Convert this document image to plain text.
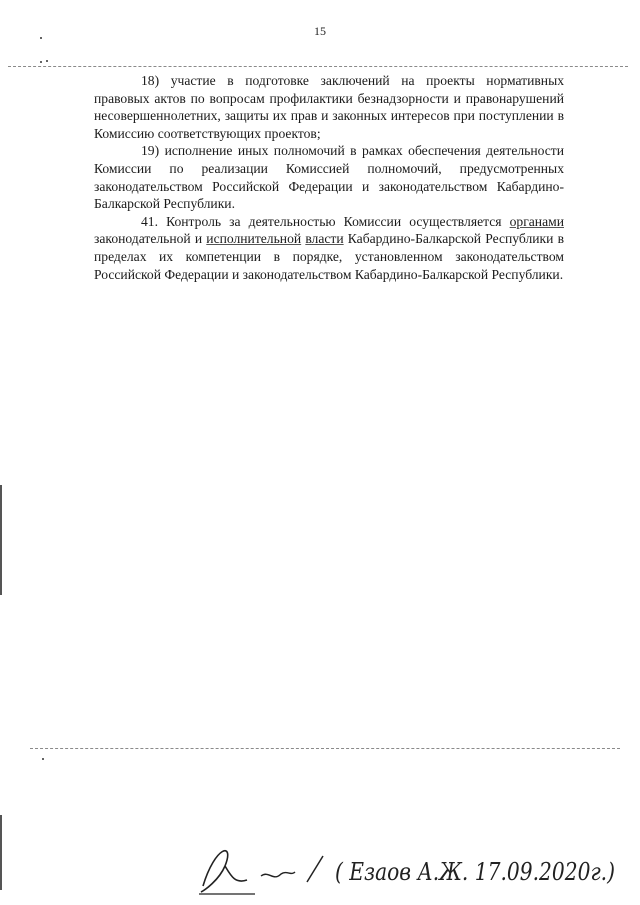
15

18) участие в подготовке заключений на проекты нормативных правовых актов по вопросам профилактики безнадзорности и правонарушений несовершеннолетних, защиты их прав и законных интересов при поступлении в Комиссию соответствующих проектов;

19) исполнение иных полномочий в рамках обеспечения деятельности Комиссии по реализации Комиссией полномочий, предусмотренных законодательством Российской Федерации и законодательством Кабардино-Балкарской Республики.

41. Контроль за деятельностью Комиссии осуществляется органами законодательной и исполнительной власти Кабардино-Балкарской Республики в пределах их компетенции в порядке, установленном законодательством Российской Федерации и законодательством Кабардино-Балкарской Республики.

( Езаов А.Ж. 17.09.2020г.)
